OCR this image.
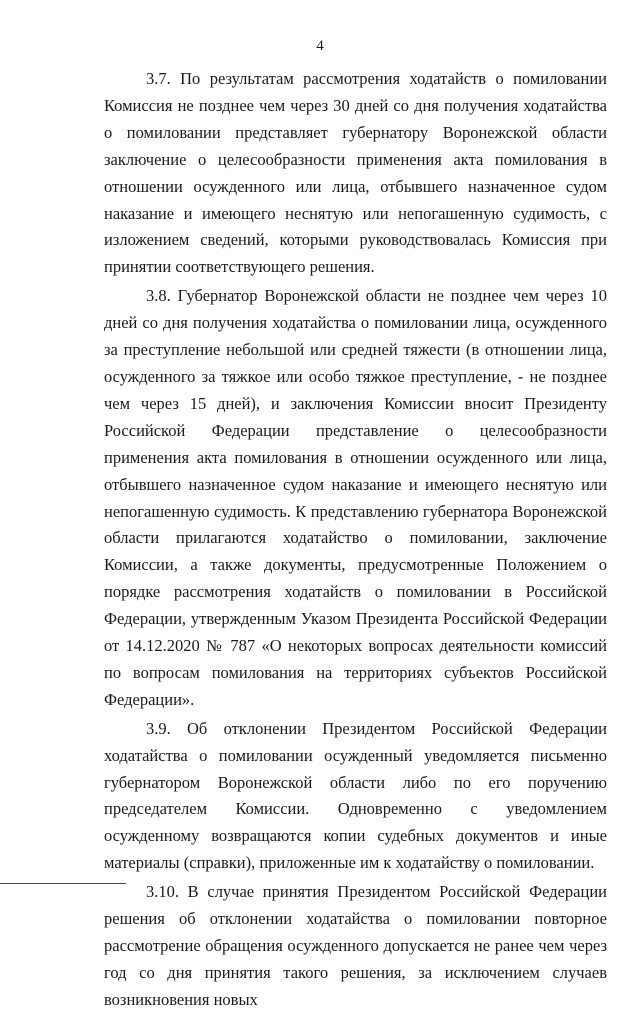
4

3.7. По результатам рассмотрения ходатайств о помиловании Комиссия не позднее чем через 30 дней со дня получения ходатайства о помиловании представляет губернатору Воронежской области заключение о целесообразности применения акта помилования в отношении осужденного или лица, отбывшего назначенное судом наказание и имеющего неснятую или непогашенную судимость, с изложением сведений, которыми руководствовалась Комиссия при принятии соответствующего решения.

3.8. Губернатор Воронежской области не позднее чем через 10 дней со дня получения ходатайства о помиловании лица, осужденного за преступление небольшой или средней тяжести (в отношении лица, осужденного за тяжкое или особо тяжкое преступление, - не позднее чем через 15 дней), и заключения Комиссии вносит Президенту Российской Федерации представление о целесообразности применения акта помилования в отношении осужденного или лица, отбывшего назначенное судом наказание и имеющего неснятую или непогашенную судимость. К представлению губернатора Воронежской области прилагаются ходатайство о помиловании, заключение Комиссии, а также документы, предусмотренные Положением о порядке рассмотрения ходатайств о помиловании в Российской Федерации, утвержденным Указом Президента Российской Федерации от 14.12.2020 № 787 «О некоторых вопросах деятельности комиссий по вопросам помилования на территориях субъектов Российской Федерации».

3.9. Об отклонении Президентом Российской Федерации ходатайства о помиловании осужденный уведомляется письменно губернатором Воронежской области либо по его поручению председателем Комиссии. Одновременно с уведомлением осужденному возвращаются копии судебных документов и иные материалы (справки), приложенные им к ходатайству о помиловании.

3.10. В случае принятия Президентом Российской Федерации решения об отклонении ходатайства о помиловании повторное рассмотрение обращения осужденного допускается не ранее чем через год со дня принятия такого решения, за исключением случаев возникновения новых
